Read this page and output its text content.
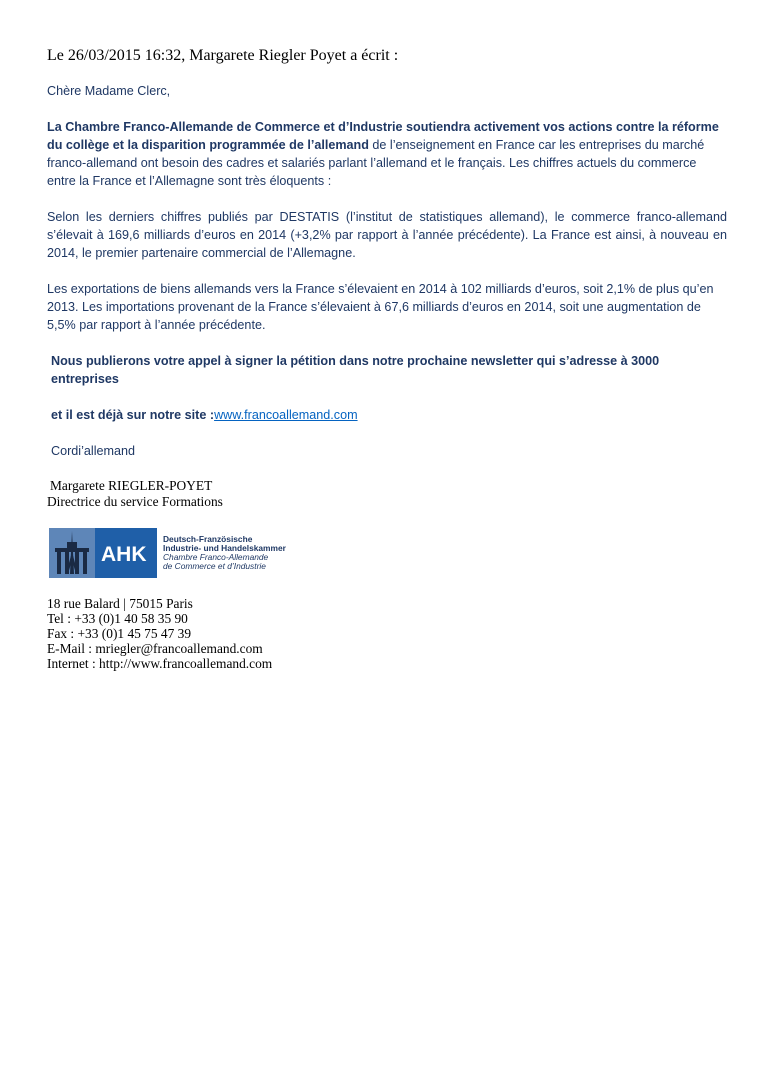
Le 26/03/2015 16:32, Margarete Riegler Poyet a écrit :

Chère Madame Clerc,

La Chambre Franco-Allemande de Commerce et d’Industrie soutiendra activement vos actions contre la réforme du collège et la disparition programmée de l’allemand de l’enseignement en France car les entreprises du marché franco-allemand ont besoin des cadres et salariés parlant l’allemand et le français. Les chiffres actuels du commerce entre la France et l’Allemagne sont très éloquents :

Selon les derniers chiffres publiés par DESTATIS (l’institut de statistiques allemand), le commerce franco-allemand s’élevait à 169,6 milliards d’euros en 2014 (+3,2% par rapport à l’année précédente). La France est ainsi, à nouveau en 2014, le premier partenaire commercial de l’Allemagne.

Les exportations de biens allemands vers la France s’élevaient en 2014 à 102 milliards d’euros, soit 2,1% de plus qu’en 2013. Les importations provenant de la France s’élevaient à 67,6 milliards d’euros en 2014, soit une augmentation de 5,5% par rapport à l’année précédente.

Nous publierons votre appel à signer la pétition dans notre prochaine newsletter qui s’adresse à 3000 entreprises

et il est déjà sur notre site :www.francoallemand.com

Cordi’allemand

Margarete RIEGLER-POYET
Directrice du service Formations
AHK
Deutsch-Französische
Industrie- und Handelskammer
Chambre Franco-Allemande
de Commerce et d’Industrie
18 rue Balard | 75015 Paris
Tel : +33 (0)1 40 58 35 90
Fax : +33 (0)1 45 75 47 39
E-Mail : mriegler@francoallemand.com
Internet : http://www.francoallemand.com
